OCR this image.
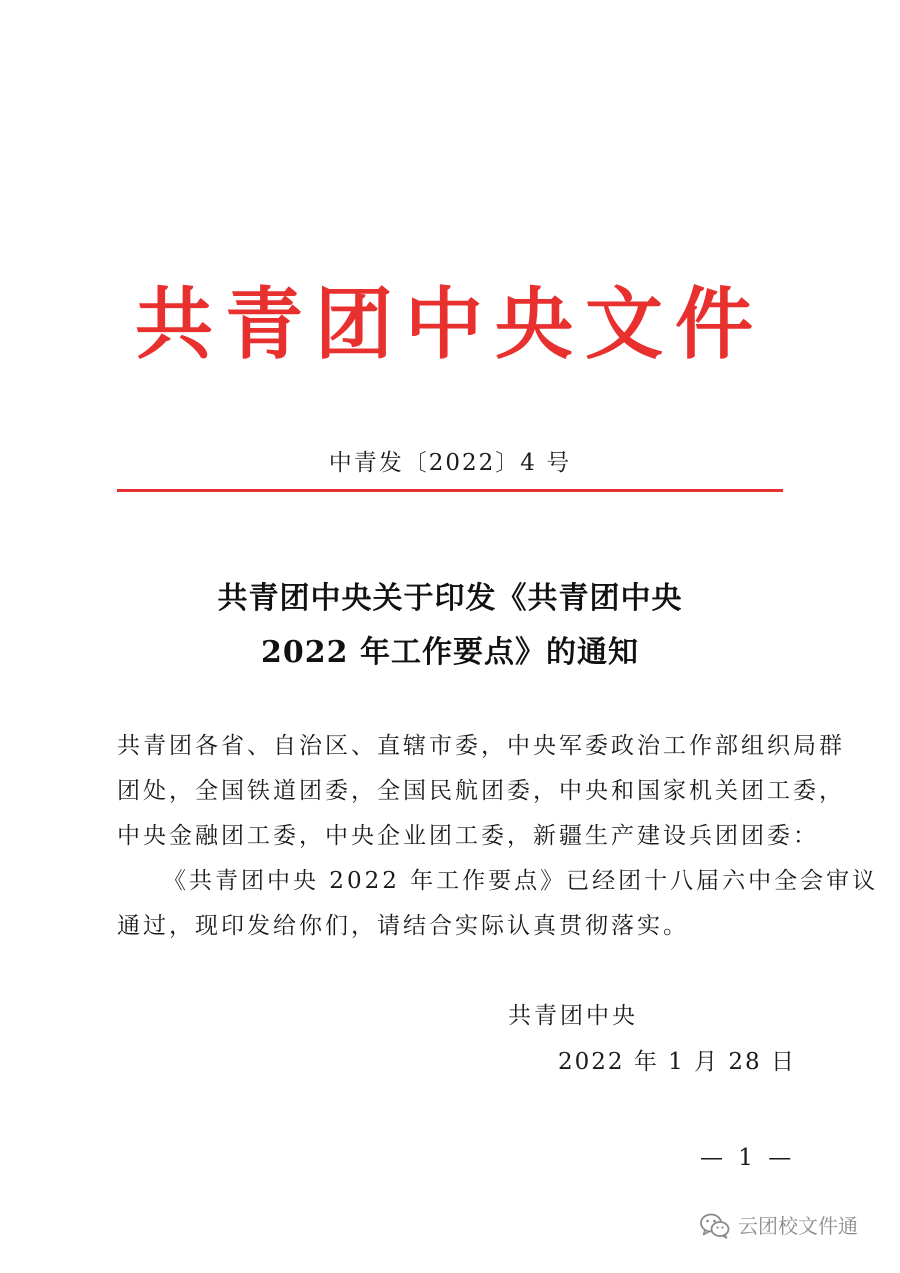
共青团中央文件
中青发〔2022〕4 号
共青团中央关于印发《共青团中央
2022 年工作要点》的通知
共青团各省、自治区、直辖市委，中央军委政治工作部组织局群
团处，全国铁道团委，全国民航团委，中央和国家机关团工委，
中央金融团工委，中央企业团工委，新疆生产建设兵团团委：
《共青团中央 2022 年工作要点》已经团十八届六中全会审议
通过，现印发给你们，请结合实际认真贯彻落实。
共青团中央
2022 年 1 月 28 日
— 1 —
云团校文件通
